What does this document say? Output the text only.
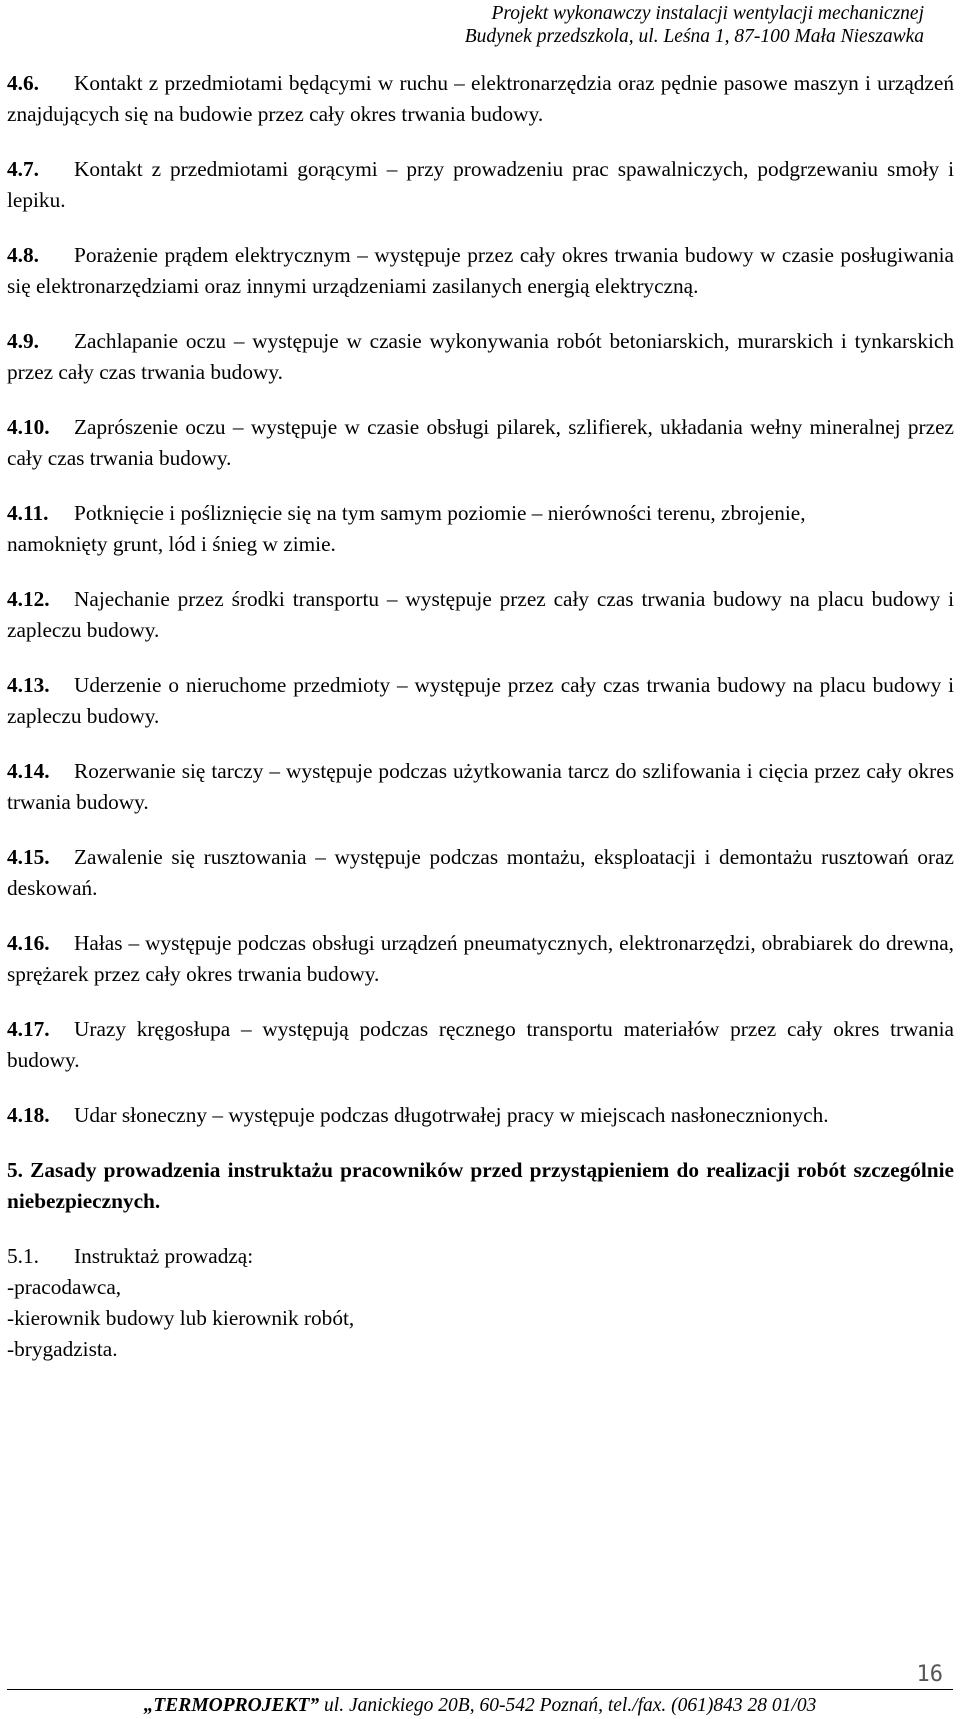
Projekt wykonawczy instalacji wentylacji mechanicznej
Budynek przedszkola, ul. Leśna 1, 87-100 Mała Nieszawka

4.6. Kontakt z przedmiotami będącymi w ruchu – elektronarzędzia oraz pędnie pasowe maszyn i urządzeń znajdujących się na budowie przez cały okres trwania budowy.

4.7. Kontakt z przedmiotami gorącymi – przy prowadzeniu prac spawalniczych, podgrzewaniu smoły i lepiku.

4.8. Porażenie prądem elektrycznym – występuje przez cały okres trwania budowy w czasie posługiwania się elektronarzędziami oraz innymi urządzeniami zasilanych energią elektryczną.

4.9. Zachlapanie oczu – występuje w czasie wykonywania robót betoniarskich, murarskich i tynkarskich przez cały czas trwania budowy.

4.10. Zaprószenie oczu – występuje w czasie obsługi pilarek, szlifierek, układania wełny mineralnej przez cały czas trwania budowy.

4.11. Potknięcie i pośliznięcie się na tym samym poziomie – nierówności terenu, zbrojenie,

namoknięty grunt, lód i śnieg w zimie.

4.12. Najechanie przez środki transportu – występuje przez cały czas trwania budowy na placu budowy i zapleczu budowy.

4.13. Uderzenie o nieruchome przedmioty – występuje przez cały czas trwania budowy na placu budowy i zapleczu budowy.

4.14. Rozerwanie się tarczy – występuje podczas użytkowania tarcz do szlifowania i cięcia przez cały okres trwania budowy.

4.15. Zawalenie się rusztowania – występuje podczas montażu, eksploatacji i demontażu rusztowań oraz deskowań.

4.16. Hałas – występuje podczas obsługi urządzeń pneumatycznych, elektronarzędzi, obrabiarek do drewna, sprężarek przez cały okres trwania budowy.

4.17. Urazy kręgosłupa – występują podczas ręcznego transportu materiałów przez cały okres trwania budowy.

4.18. Udar słoneczny – występuje podczas długotrwałej pracy w miejscach nasłonecznionych.

5. Zasady prowadzenia instruktażu pracowników przed przystąpieniem do realizacji robót szczególnie niebezpiecznych.
5.1. Instruktaż prowadzą:
-pracodawca,
-kierownik budowy lub kierownik robót,
-brygadzista.
16
„TERMOPROJEKT” ul. Janickiego 20B, 60-542 Poznań, tel./fax. (061)843 28 01/03
